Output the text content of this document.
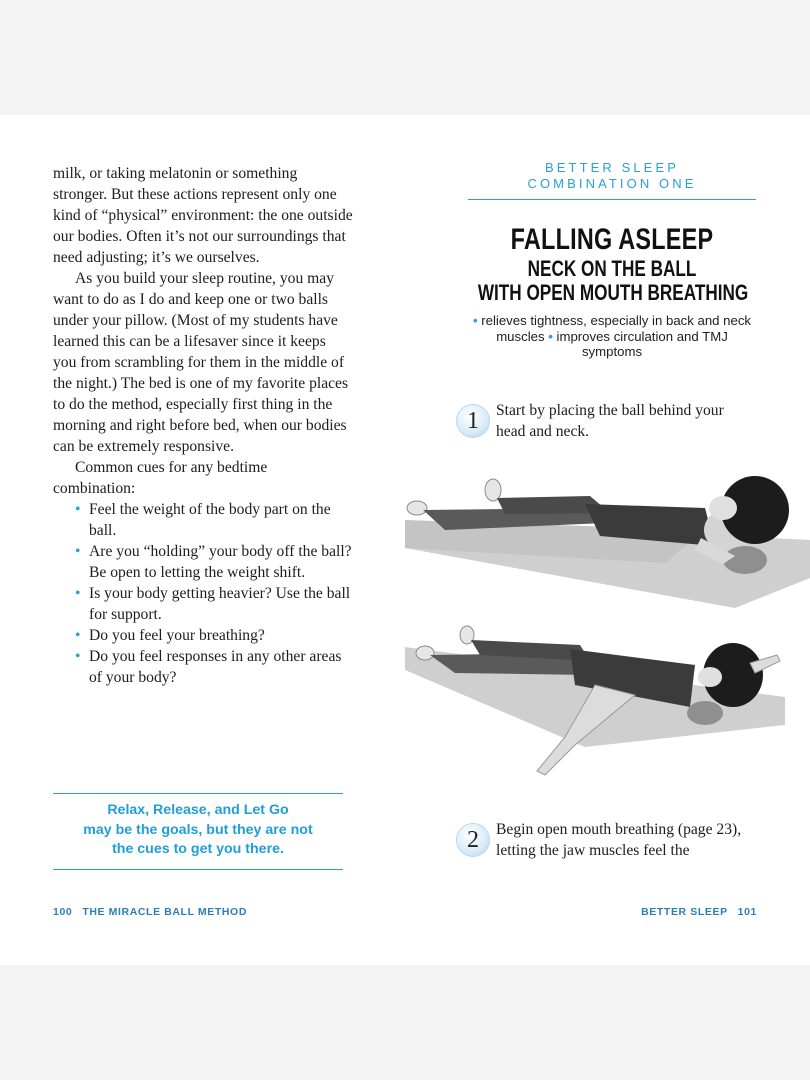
milk, or taking melatonin or something stronger. But these actions represent only one kind of “physical” environment: the one outside our bodies. Often it’s not our surroundings that need adjusting; it’s we ourselves.

As you build your sleep routine, you may want to do as I do and keep one or two balls under your pillow. (Most of my students have learned this can be a lifesaver since it keeps you from scrambling for them in the middle of the night.) The bed is one of my favorite places to do the method, especially first thing in the morning and right before bed, when our bodies can be extremely responsive.

Common cues for any bedtime combination:

• Feel the weight of the body part on the ball.
• Are you “holding” your body off the ball? Be open to letting the weight shift.
• Is your body getting heavier? Use the ball for support.
• Do you feel your breathing?
• Do you feel responses in any other areas of your body?
Relax, Release, and Let Go
may be the goals, but they are not
the cues to get you there.
100 THE MIRACLE BALL METHOD
BETTER SLEEP
COMBINATION ONE
FALLING ASLEEP
NECK ON THE BALL
WITH OPEN MOUTH BREATHING
• relieves tightness, especially in back and neck muscles • improves circulation and TMJ symptoms
1	Start by placing the ball behind your head and neck.
2	Begin open mouth breathing (page 23), letting the jaw muscles feel the
BETTER SLEEP 101
